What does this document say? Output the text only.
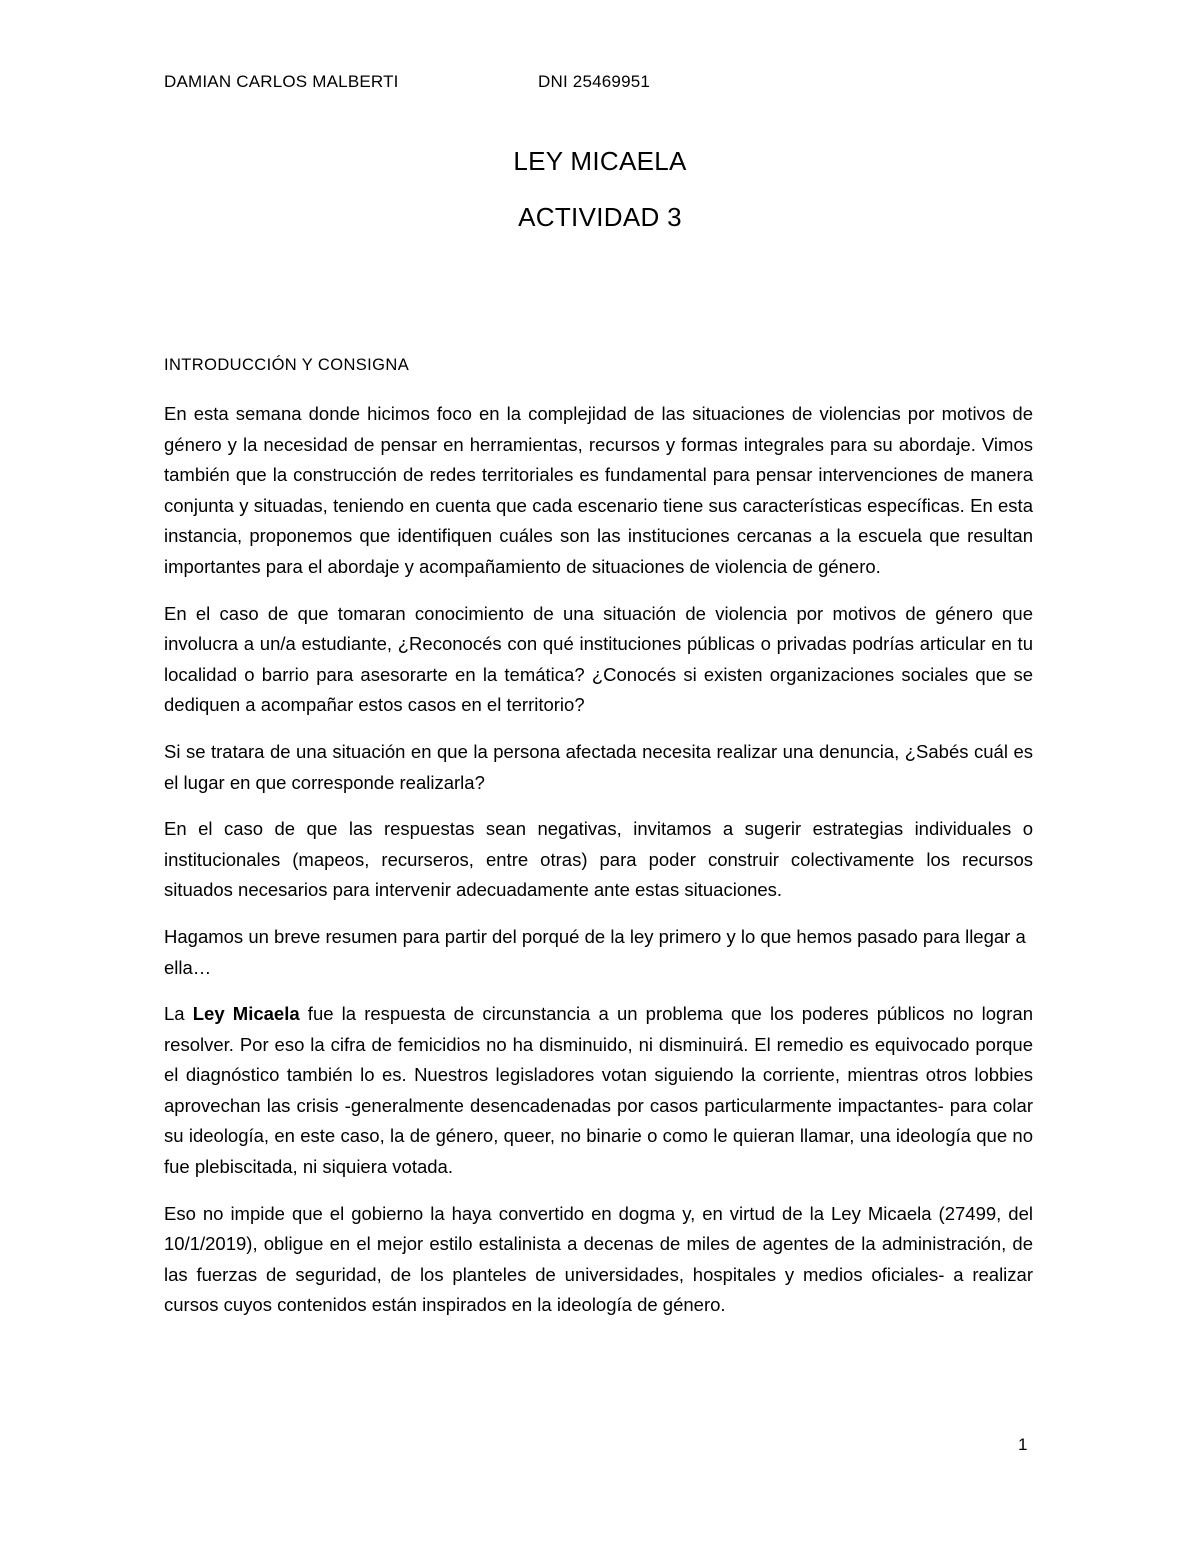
DAMIAN CARLOS MALBERTI	DNI 25469951
LEY MICAELA
ACTIVIDAD 3
INTRODUCCIÓN Y CONSIGNA

En esta semana donde hicimos foco en la complejidad de las situaciones de violencias por motivos de género y la necesidad de pensar en herramientas, recursos y formas integrales para su abordaje. Vimos también que la construcción de redes territoriales es fundamental para pensar intervenciones de manera conjunta y situadas, teniendo en cuenta que cada escenario tiene sus características específicas. En esta instancia, proponemos que identifiquen cuáles son las instituciones cercanas a la escuela que resultan importantes para el abordaje y acompañamiento de situaciones de violencia de género.

En el caso de que tomaran conocimiento de una situación de violencia por motivos de género que involucra a un/a estudiante, ¿Reconocés con qué instituciones públicas o privadas podrías articular en tu localidad o barrio para asesorarte en la temática? ¿Conocés si existen organizaciones sociales que se dediquen a acompañar estos casos en el territorio?

Si se tratara de una situación en que la persona afectada necesita realizar una denuncia, ¿Sabés cuál es el lugar en que corresponde realizarla?

En el caso de que las respuestas sean negativas, invitamos a sugerir estrategias individuales o institucionales (mapeos, recurseros, entre otras) para poder construir colectivamente los recursos situados necesarios para intervenir adecuadamente ante estas situaciones.

Hagamos un breve resumen para partir del porqué de la ley primero y lo que hemos pasado para llegar a ella…

La Ley Micaela fue la respuesta de circunstancia a un problema que los poderes públicos no logran resolver. Por eso la cifra de femicidios no ha disminuido, ni disminuirá. El remedio es equivocado porque el diagnóstico también lo es. Nuestros legisladores votan siguiendo la corriente, mientras otros lobbies aprovechan las crisis -generalmente desencadenadas por casos particularmente impactantes- para colar su ideología, en este caso, la de género, queer, no binarie o como le quieran llamar, una ideología que no fue plebiscitada, ni siquiera votada.

Eso no impide que el gobierno la haya convertido en dogma y, en virtud de la Ley Micaela (27499, del 10/1/2019), obligue en el mejor estilo estalinista a decenas de miles de agentes de la administración, de las fuerzas de seguridad, de los planteles de universidades, hospitales y medios oficiales- a realizar cursos cuyos contenidos están inspirados en la ideología de género.

1
